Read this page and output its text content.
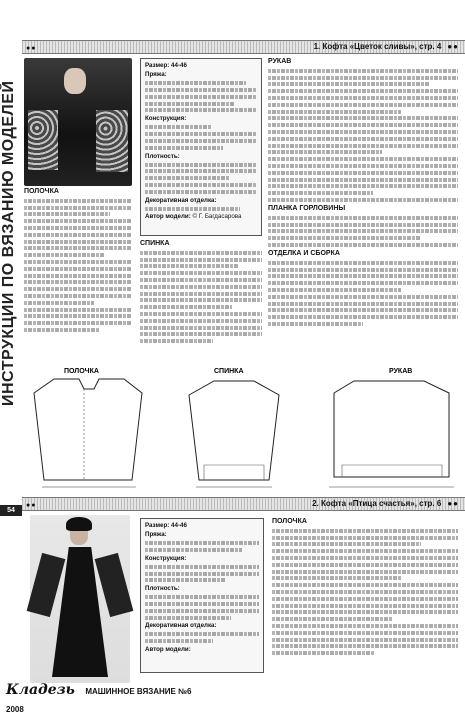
ИНСТРУКЦИИ ПО ВЯЗАНИЮ МОДЕЛЕЙ
●●	1. Кофта «Цветок сливы», стр. 4 ●●
Размер: 44-46
Пряжа:
Конструкция:
Плотность:
Декоративная отделка:
Автор модели: © Г. Багдасарова
РУКАВ
ПЛАНКА ГОРЛОВИНЫ
ОТДЕЛКА И СБОРКА
ПОЛОЧКА
СПИНКА
ПОЛОЧКА	СПИНКА	РУКАВ
54
●●	2. Кофта «Птица счастья», стр. 6 ●●
Размер: 44-46
Пряжа:
Конструкция:
Плотность:
Декоративная отделка:
Автор модели:
ПОЛОЧКА
Кладезь МАШИННОЕ ВЯЗАНИЕ №6 2008
